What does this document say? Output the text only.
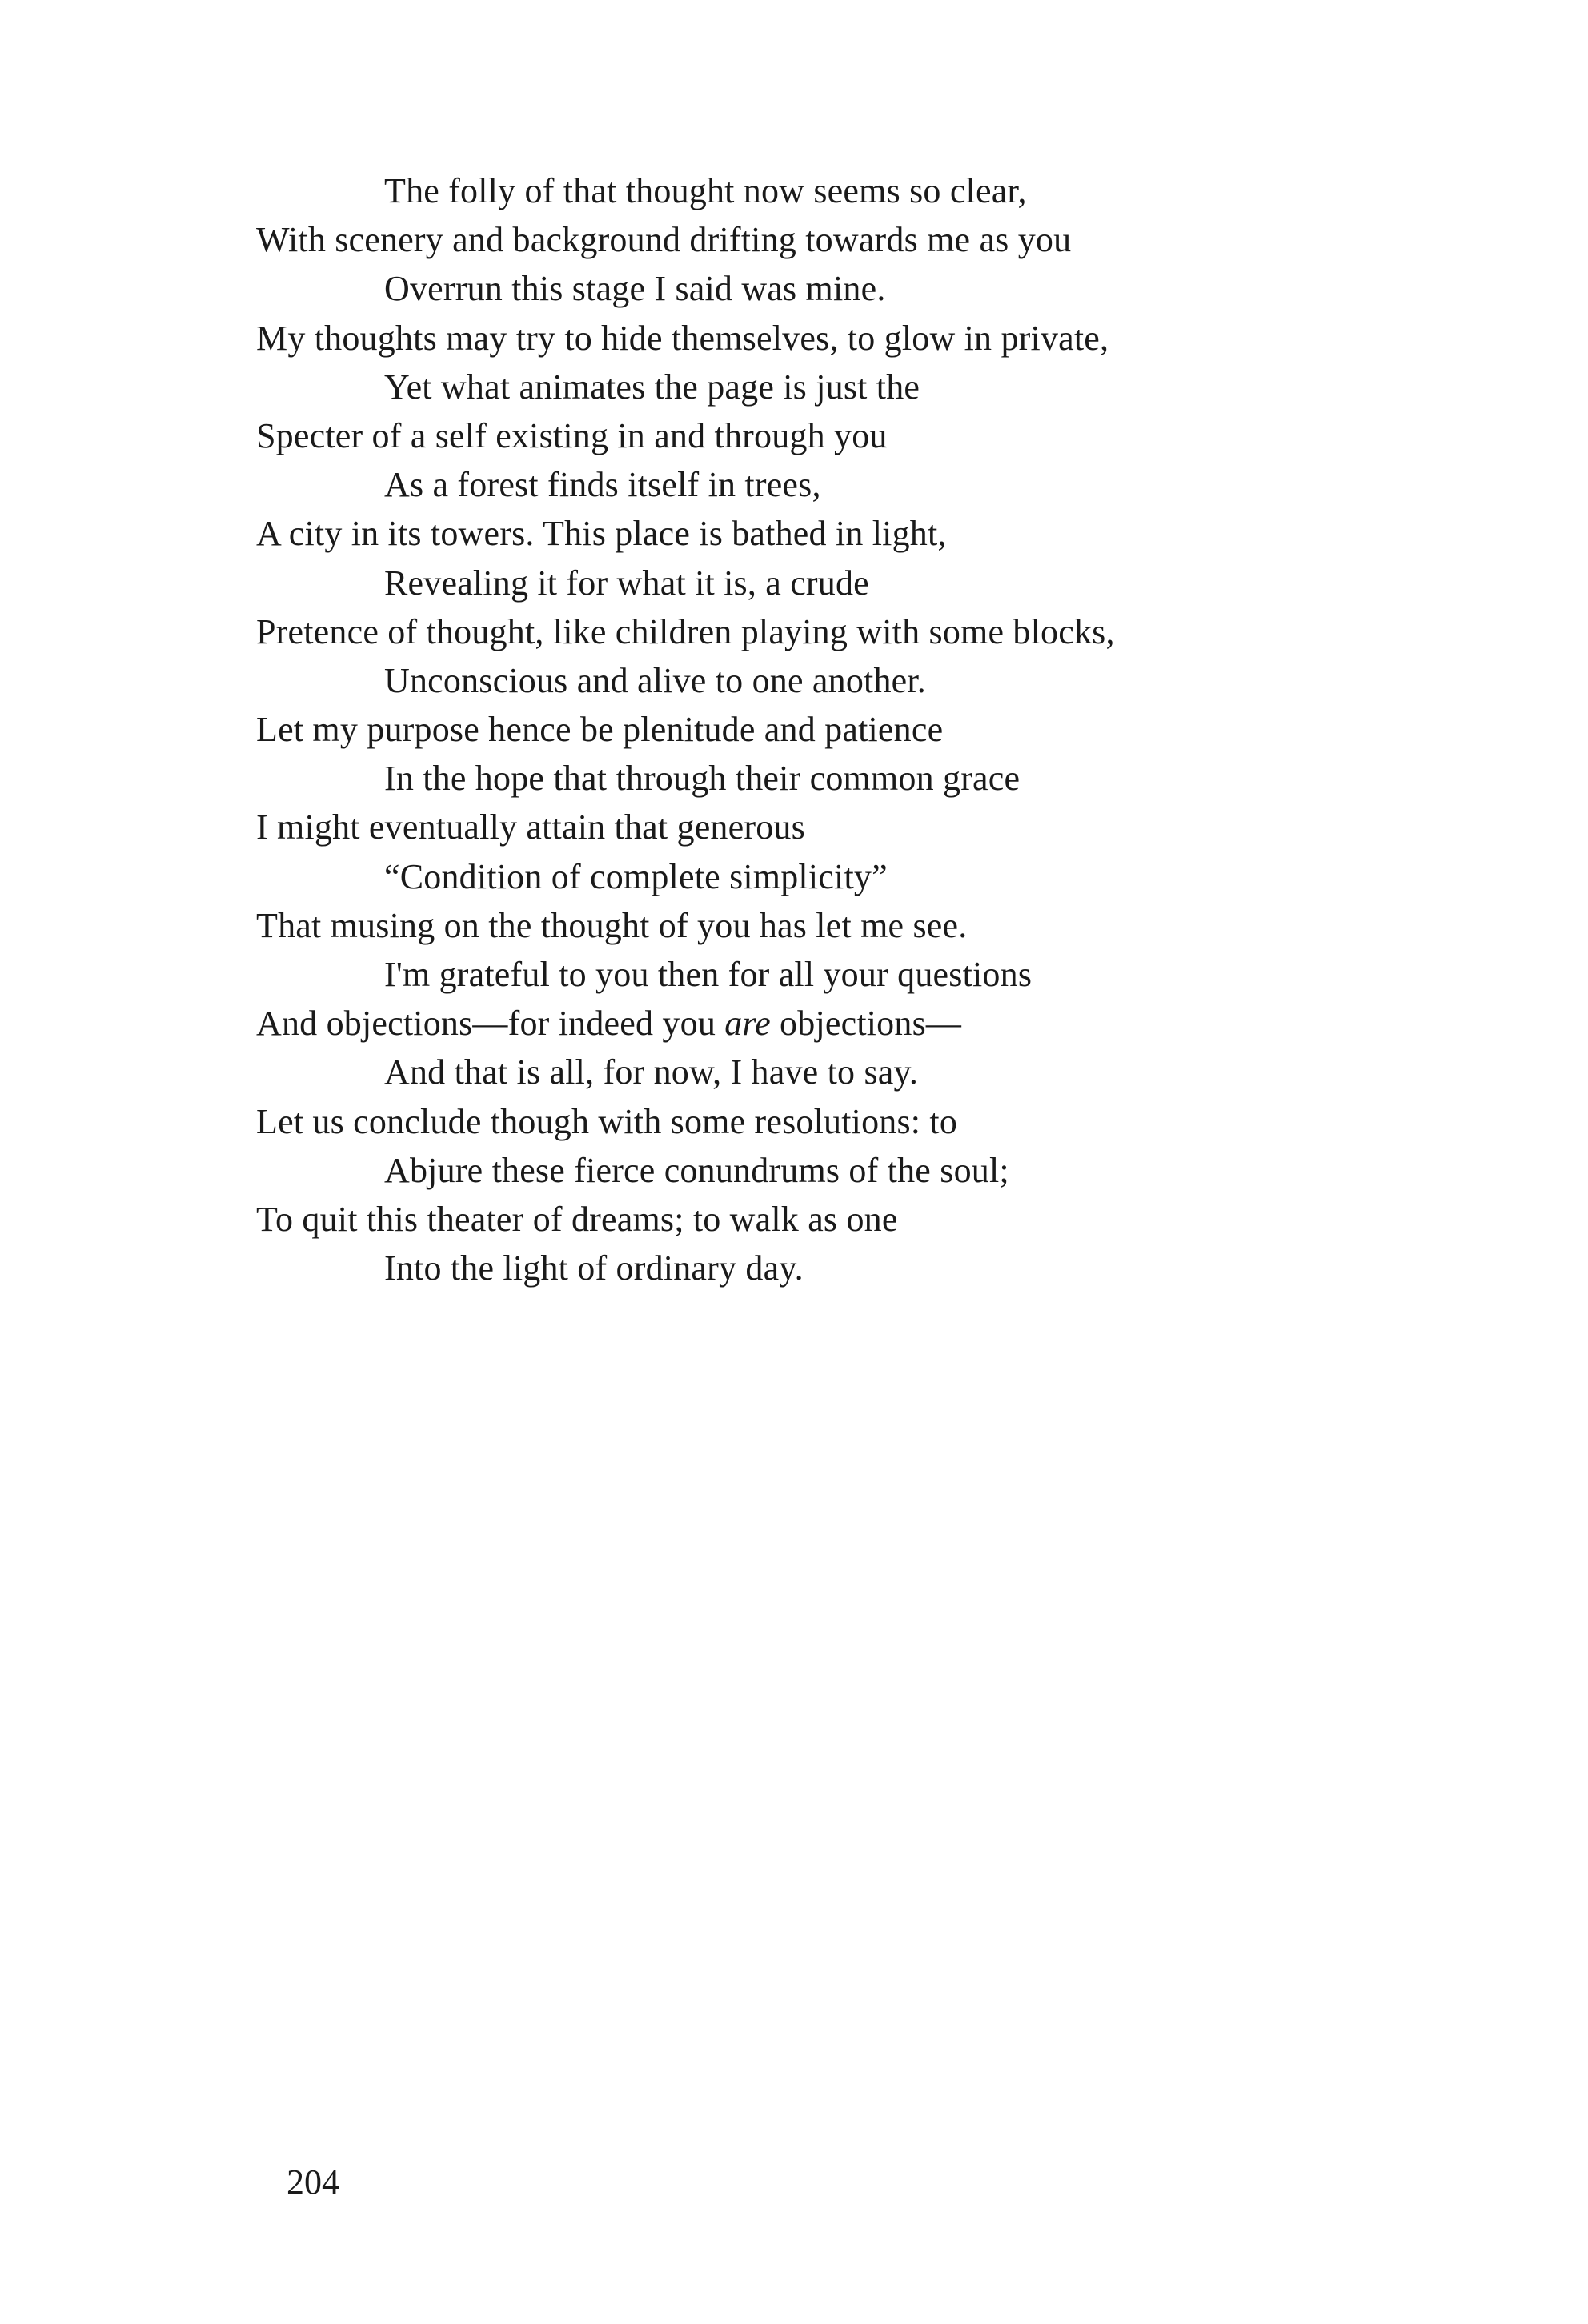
The folly of that thought now seems so clear,
With scenery and background drifting towards me as you
Overrun this stage I said was mine.
My thoughts may try to hide themselves, to glow in private,
Yet what animates the page is just the
Specter of a self existing in and through you
As a forest finds itself in trees,
A city in its towers. This place is bathed in light,
Revealing it for what it is, a crude
Pretence of thought, like children playing with some blocks,
Unconscious and alive to one another.
Let my purpose hence be plenitude and patience
In the hope that through their common grace
I might eventually attain that generous
“Condition of complete simplicity”
That musing on the thought of you has let me see.
I'm grateful to you then for all your questions
And objections—for indeed you are objections—
And that is all, for now, I have to say.
Let us conclude though with some resolutions: to
Abjure these fierce conundrums of the soul;
To quit this theater of dreams; to walk as one
Into the light of ordinary day.
204
